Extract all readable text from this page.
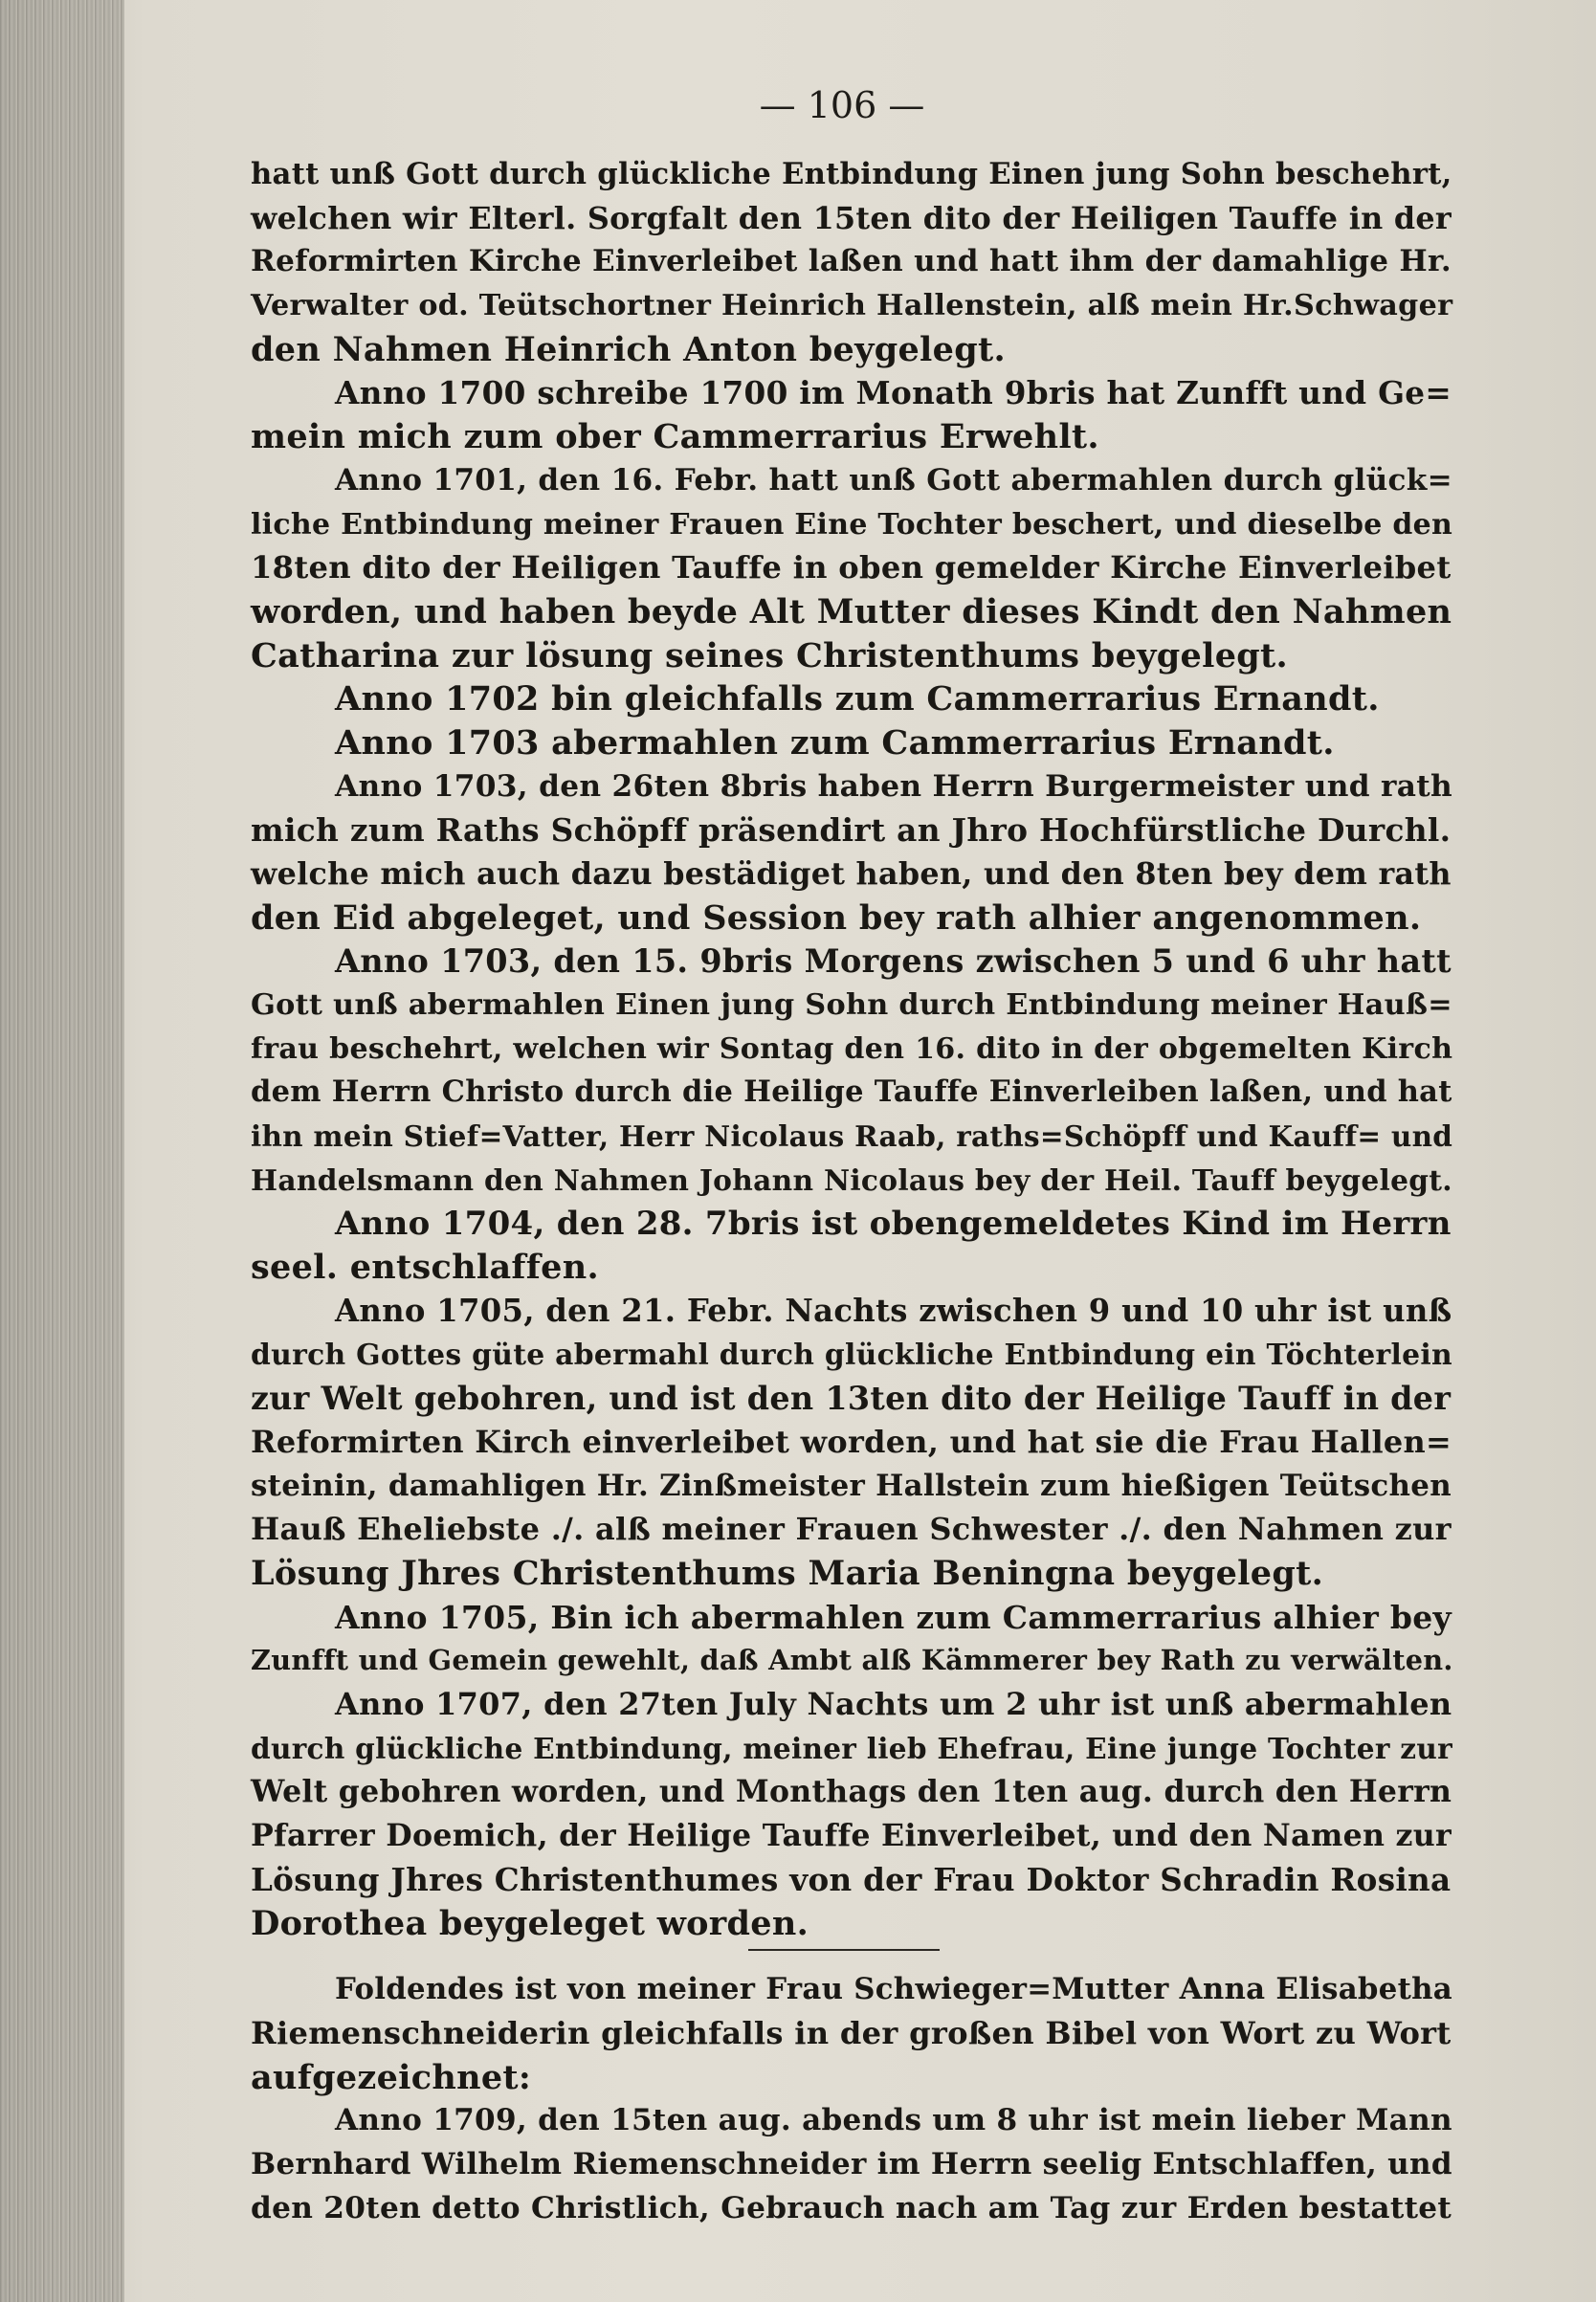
— 106 —
hatt unß Gott durch glückliche Entbindung Einen jung Sohn beschehrt,
welchen wir Elterl. Sorgfalt den 15ten dito der Heiligen Tauffe in der
Reformirten Kirche Einverleibet laßen und hatt ihm der damahlige Hr.
Verwalter od. Teütschortner Heinrich Hallenstein, alß mein Hr.Schwager
den Nahmen Heinrich Anton beygelegt.
Anno 1700 schreibe 1700 im Monath 9bris hat Zunfft und Ge=
mein mich zum ober Cammerrarius Erwehlt.
Anno 1701, den 16. Febr. hatt unß Gott abermahlen durch glück=
liche Entbindung meiner Frauen Eine Tochter beschert, und dieselbe den
18ten dito der Heiligen Tauffe in oben gemelder Kirche Einverleibet
worden, und haben beyde Alt Mutter dieses Kindt den Nahmen
Catharina zur lösung seines Christenthums beygelegt.
Anno 1702 bin gleichfalls zum Cammerrarius Ernandt.
Anno 1703 abermahlen zum Cammerrarius Ernandt.
Anno 1703, den 26ten 8bris haben Herrn Burgermeister und rath
mich zum Raths Schöpff präsendirt an Jhro Hochfürstliche Durchl.
welche mich auch dazu bestädiget haben, und den 8ten bey dem rath
den Eid abgeleget, und Session bey rath alhier angenommen.
Anno 1703, den 15. 9bris Morgens zwischen 5 und 6 uhr hatt
Gott unß abermahlen Einen jung Sohn durch Entbindung meiner Hauß=
frau beschehrt, welchen wir Sontag den 16. dito in der obgemelten Kirch
dem Herrn Christo durch die Heilige Tauffe Einverleiben laßen, und hat
ihn mein Stief=Vatter, Herr Nicolaus Raab, raths=Schöpff und Kauff= und
Handelsmann den Nahmen Johann Nicolaus bey der Heil. Tauff beygelegt.
Anno 1704, den 28. 7bris ist obengemeldetes Kind im Herrn
seel. entschlaffen.
Anno 1705, den 21. Febr. Nachts zwischen 9 und 10 uhr ist unß
durch Gottes güte abermahl durch glückliche Entbindung ein Töchterlein
zur Welt gebohren, und ist den 13ten dito der Heilige Tauff in der
Reformirten Kirch einverleibet worden, und hat sie die Frau Hallen=
steinin, damahligen Hr. Zinßmeister Hallstein zum hießigen Teütschen
Hauß Eheliebste ./. alß meiner Frauen Schwester ./. den Nahmen zur
Lösung Jhres Christenthums Maria Beningna beygelegt.
Anno 1705, Bin ich abermahlen zum Cammerrarius alhier bey
Zunfft und Gemein gewehlt, daß Ambt alß Kämmerer bey Rath zu verwälten.
Anno 1707, den 27ten July Nachts um 2 uhr ist unß abermahlen
durch glückliche Entbindung, meiner lieb Ehefrau, Eine junge Tochter zur
Welt gebohren worden, und Monthags den 1ten aug. durch den Herrn
Pfarrer Doemich, der Heilige Tauffe Einverleibet, und den Namen zur
Lösung Jhres Christenthumes von der Frau Doktor Schradin Rosina
Dorothea beygeleget worden.
Foldendes ist von meiner Frau Schwieger=Mutter Anna Elisabetha
Riemenschneiderin gleichfalls in der großen Bibel von Wort zu Wort
aufgezeichnet:
Anno 1709, den 15ten aug. abends um 8 uhr ist mein lieber Mann
Bernhard Wilhelm Riemenschneider im Herrn seelig Entschlaffen, und
den 20ten detto Christlich, Gebrauch nach am Tag zur Erden bestattet
